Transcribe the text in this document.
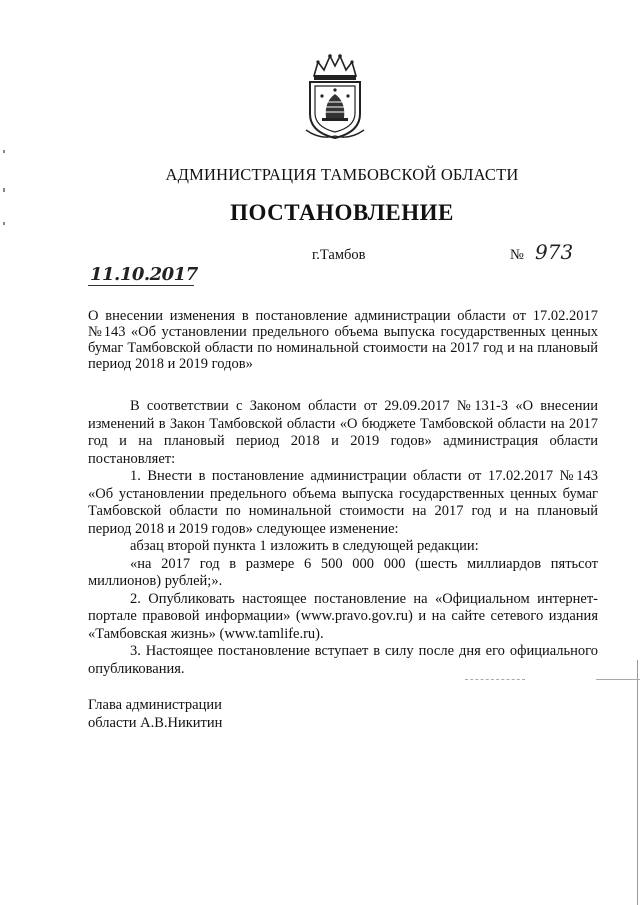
АДМИНИСТРАЦИЯ ТАМБОВСКОЙ ОБЛАСТИ
ПОСТАНОВЛЕНИЕ
г.Тамбов	№ 973
11.10.2017
О внесении изменения в постановление администрации области от 17.02.2017 №143 «Об установлении предельного объема выпуска государственных ценных бумаг Тамбовской области по номинальной стоимости на 2017 год и на плановый период 2018 и 2019 годов»

В соответствии с Законом области от 29.09.2017 №131-З «О внесении изменений в Закон Тамбовской области «О бюджете Тамбовской области на 2017 год и на плановый период 2018 и 2019 годов» администрация области постановляет:

1. Внести в постановление администрации области от 17.02.2017 №143 «Об установлении предельного объема выпуска государственных ценных бумаг Тамбовской области по номинальной стоимости на 2017 год и на плановый период 2018 и 2019 годов» следующее изменение:

абзац второй пункта 1 изложить в следующей редакции:

«на 2017 год в размере 6 500 000 000 (шесть миллиардов пятьсот миллионов) рублей;».

2. Опубликовать настоящее постановление на «Официальном интернет-портале правовой информации» (www.pravo.gov.ru) и на сайте сетевого издания «Тамбовская жизнь» (www.tamlife.ru).

3. Настоящее постановление вступает в силу после дня его официального опубликования.

Глава администрации
области А.В.Никитин
